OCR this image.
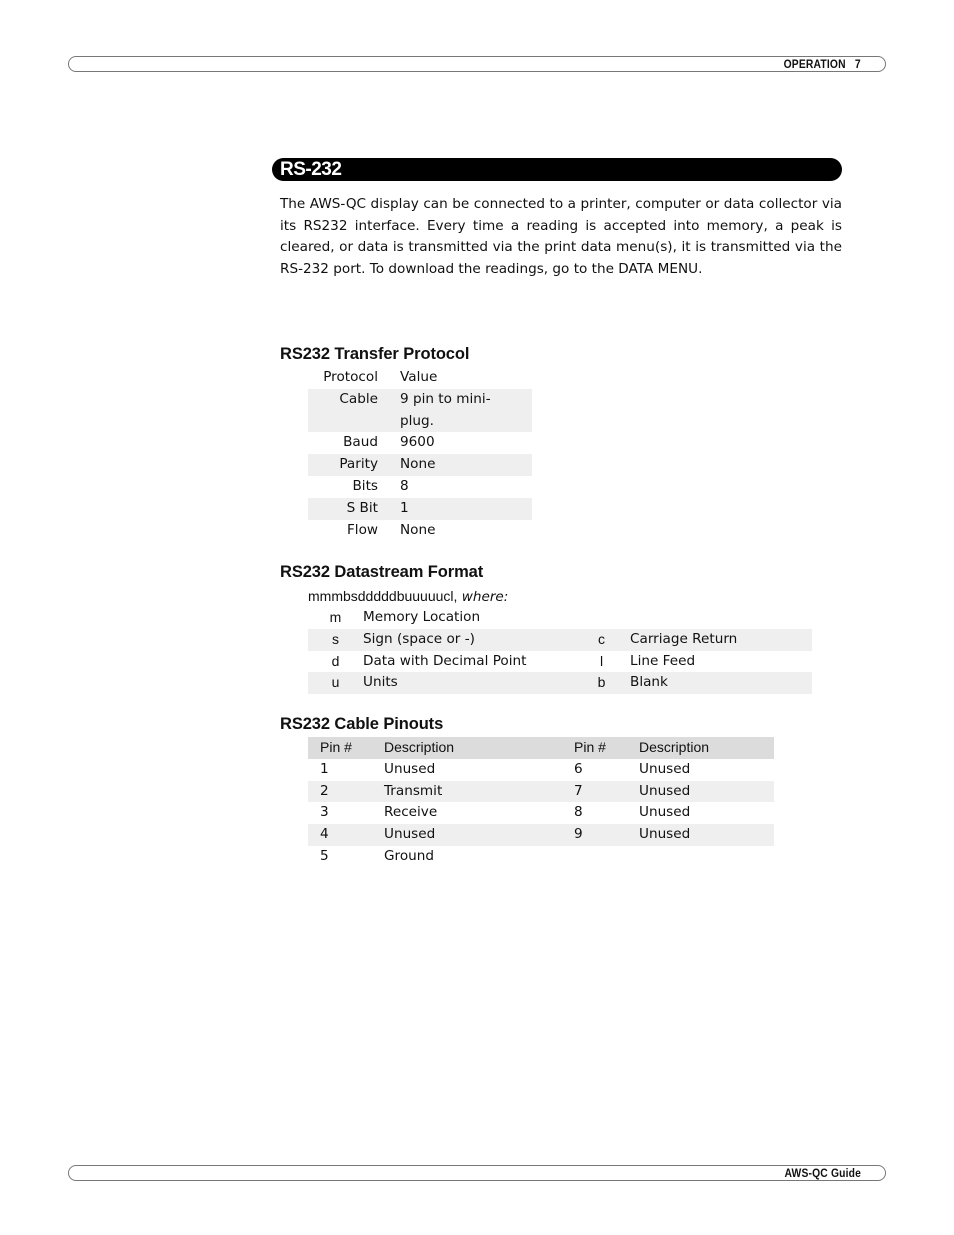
OPERATION 7
RS-232

The AWS-QC display can be connected to a printer, computer or data collector via its RS232 interface. Every time a reading is accepted into memory, a peak is cleared, or data is transmitted via the print data menu(s), it is transmitted via the RS-232 port. To download the readings, go to the DATA MENU.

RS232 Transfer Protocol
Protocol	Value
Cable	9 pin to mini-plug.
Baud	9600
Parity	None
Bits	8
S Bit	1
Flow	None
RS232 Datastream Format
mmmbsdddddbuuuuucl, where:
m	Memory Location		
s	Sign (space or -)	c	Carriage Return
d	Data with Decimal Point	l	Line Feed
u	Units	b	Blank
RS232 Cable Pinouts
Pin #	Description	Pin #	Description
1	Unused	6	Unused
2	Transmit	7	Unused
3	Receive	8	Unused
4	Unused	9	Unused
5	Ground		
AWS-QC Guide
